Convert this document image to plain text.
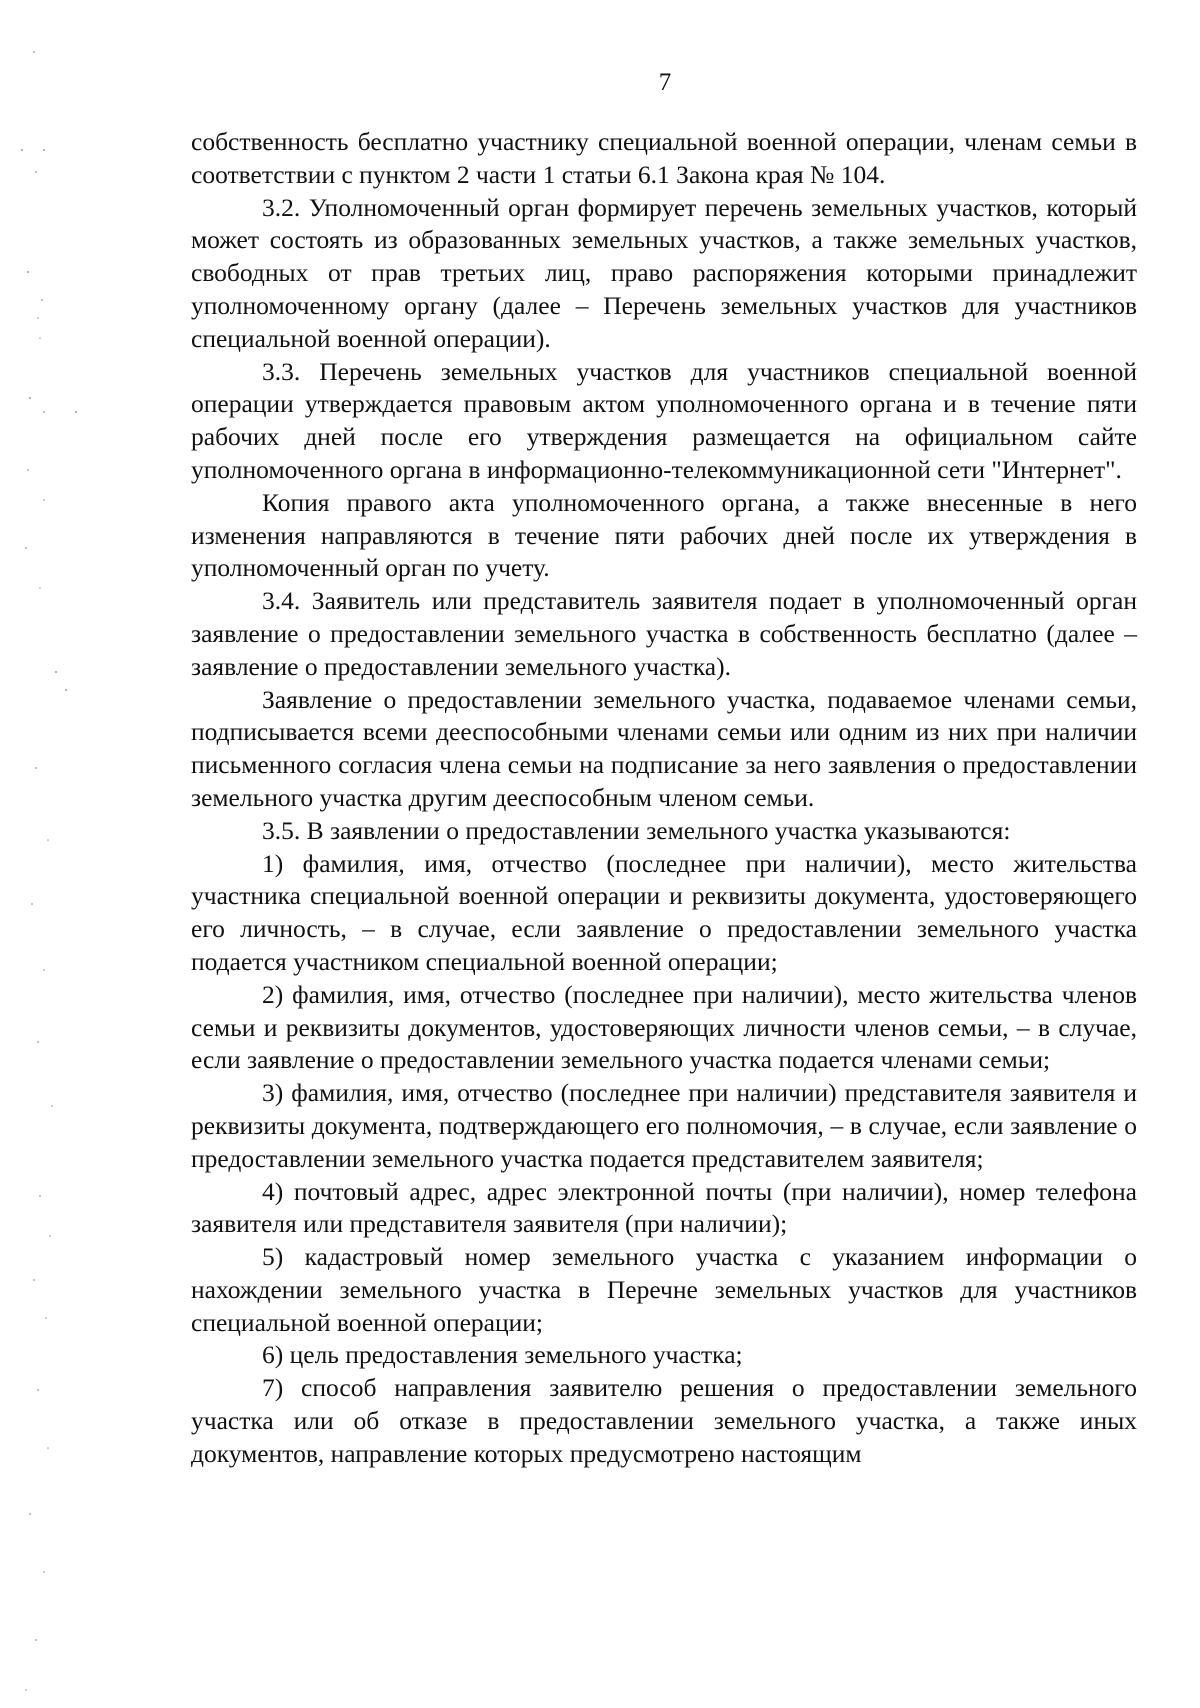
7

собственность бесплатно участнику специальной военной операции, членам семьи в соответствии с пунктом 2 части 1 статьи 6.1 Закона края № 104.

3.2. Уполномоченный орган формирует перечень земельных участков, который может состоять из образованных земельных участков, а также земельных участков, свободных от прав третьих лиц, право распоряжения которыми принадлежит уполномоченному органу (далее – Перечень земельных участков для участников специальной военной операции).

3.3. Перечень земельных участков для участников специальной военной операции утверждается правовым актом уполномоченного органа и в течение пяти рабочих дней после его утверждения размещается на официальном сайте уполномоченного органа в информационно-телекоммуникационной сети "Интернет".

Копия правого акта уполномоченного органа, а также внесенные в него изменения направляются в течение пяти рабочих дней после их утверждения в уполномоченный орган по учету.

3.4. Заявитель или представитель заявителя подает в уполномоченный орган заявление о предоставлении земельного участка в собственность бесплатно (далее – заявление о предоставлении земельного участка).

Заявление о предоставлении земельного участка, подаваемое членами семьи, подписывается всеми дееспособными членами семьи или одним из них при наличии письменного согласия члена семьи на подписание за него заявления о предоставлении земельного участка другим дееспособным членом семьи.

3.5. В заявлении о предоставлении земельного участка указываются:

1) фамилия, имя, отчество (последнее при наличии), место жительства участника специальной военной операции и реквизиты документа, удостоверяющего его личность, – в случае, если заявление о предоставлении земельного участка подается участником специальной военной операции;

2) фамилия, имя, отчество (последнее при наличии), место жительства членов семьи и реквизиты документов, удостоверяющих личности членов семьи, – в случае, если заявление о предоставлении земельного участка подается членами семьи;

3) фамилия, имя, отчество (последнее при наличии) представителя заявителя и реквизиты документа, подтверждающего его полномочия, – в случае, если заявление о предоставлении земельного участка подается представителем заявителя;

4) почтовый адрес, адрес электронной почты (при наличии), номер телефона заявителя или представителя заявителя (при наличии);

5) кадастровый номер земельного участка с указанием информации о нахождении земельного участка в Перечне земельных участков для участников специальной военной операции;

6) цель предоставления земельного участка;

7) способ направления заявителю решения о предоставлении земельного участка или об отказе в предоставлении земельного участка, а также иных документов, направление которых предусмотрено настоящим
